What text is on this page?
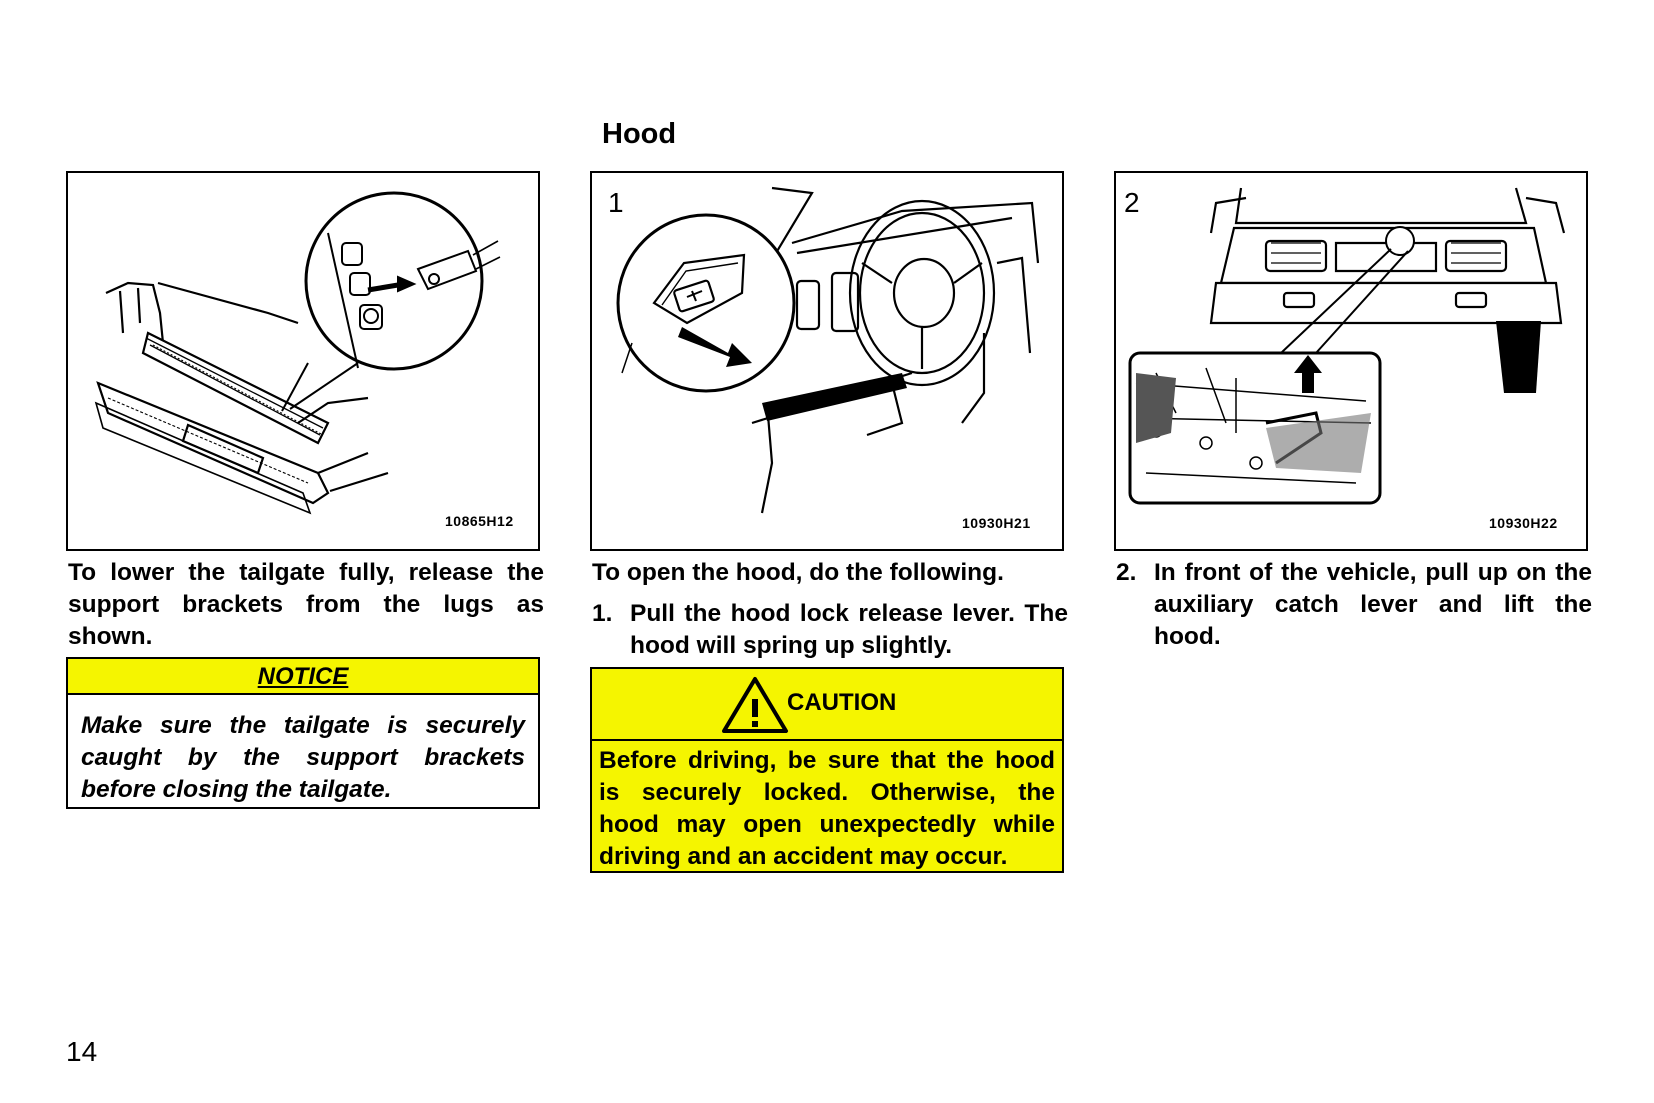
Hood
10865H12
1
10930H21
2
10930H22
To lower the tailgate fully, release the support brackets from the lugs as shown.
NOTICE
Make sure the tailgate is securely caught by the support brackets before closing the tailgate.
To open the hood, do the following.
1. Pull the hood lock release lever. The hood will spring up slightly.
CAUTION
Before driving, be sure that the hood is securely locked. Otherwise, the hood may open unexpectedly while driving and an accident may occur.
2. In front of the vehicle, pull up on the auxiliary catch lever and lift the hood.
14
